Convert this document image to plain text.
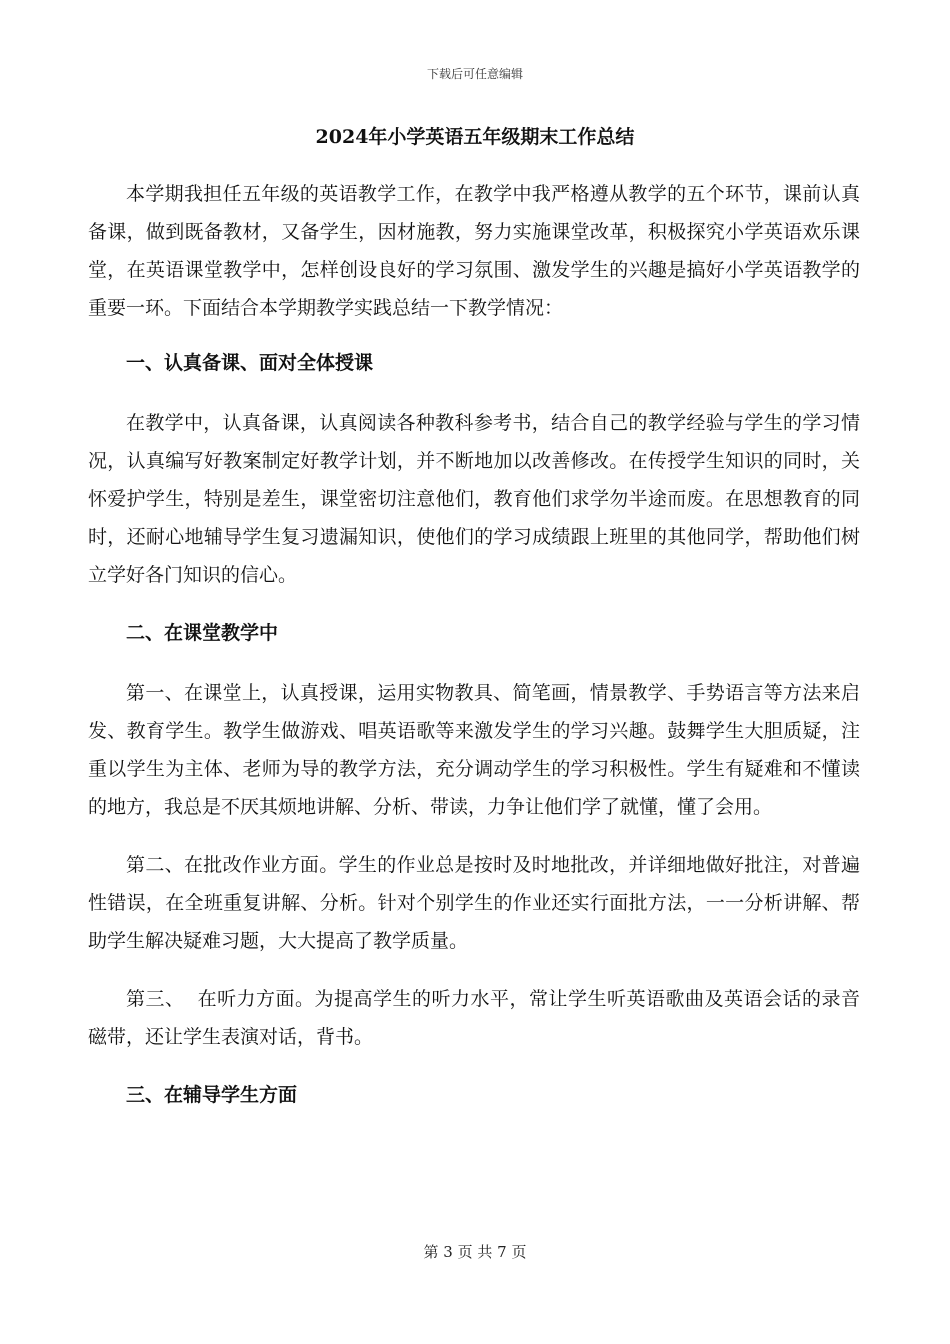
下载后可任意编辑
2024年小学英语五年级期末工作总结

本学期我担任五年级的英语教学工作，在教学中我严格遵从教学的五个环节，课前认真备课，做到既备教材，又备学生，因材施教，努力实施课堂改革，积极探究小学英语欢乐课堂，在英语课堂教学中，怎样创设良好的学习氛围、激发学生的兴趣是搞好小学英语教学的重要一环。下面结合本学期教学实践总结一下教学情况：

一、认真备课、面对全体授课

在教学中，认真备课，认真阅读各种教科参考书，结合自己的教学经验与学生的学习情况，认真编写好教案制定好教学计划，并不断地加以改善修改。在传授学生知识的同时，关怀爱护学生，特别是差生，课堂密切注意他们，教育他们求学勿半途而废。在思想教育的同时，还耐心地辅导学生复习遗漏知识，使他们的学习成绩跟上班里的其他同学，帮助他们树立学好各门知识的信心。

二、在课堂教学中

第一、在课堂上，认真授课，运用实物教具、简笔画，情景教学、手势语言等方法来启发、教育学生。教学生做游戏、唱英语歌等来激发学生的学习兴趣。鼓舞学生大胆质疑，注重以学生为主体、老师为导的教学方法，充分调动学生的学习积极性。学生有疑难和不懂读的地方，我总是不厌其烦地讲解、分析、带读，力争让他们学了就懂，懂了会用。

第二、在批改作业方面。学生的作业总是按时及时地批改，并详细地做好批注，对普遍性错误，在全班重复讲解、分析。针对个别学生的作业还实行面批方法，一一分析讲解、帮助学生解决疑难习题，大大提高了教学质量。

第三、  在听力方面。为提高学生的听力水平，常让学生听英语歌曲及英语会话的录音磁带，还让学生表演对话，背书。

三、在辅导学生方面
第 3 页 共 7 页
